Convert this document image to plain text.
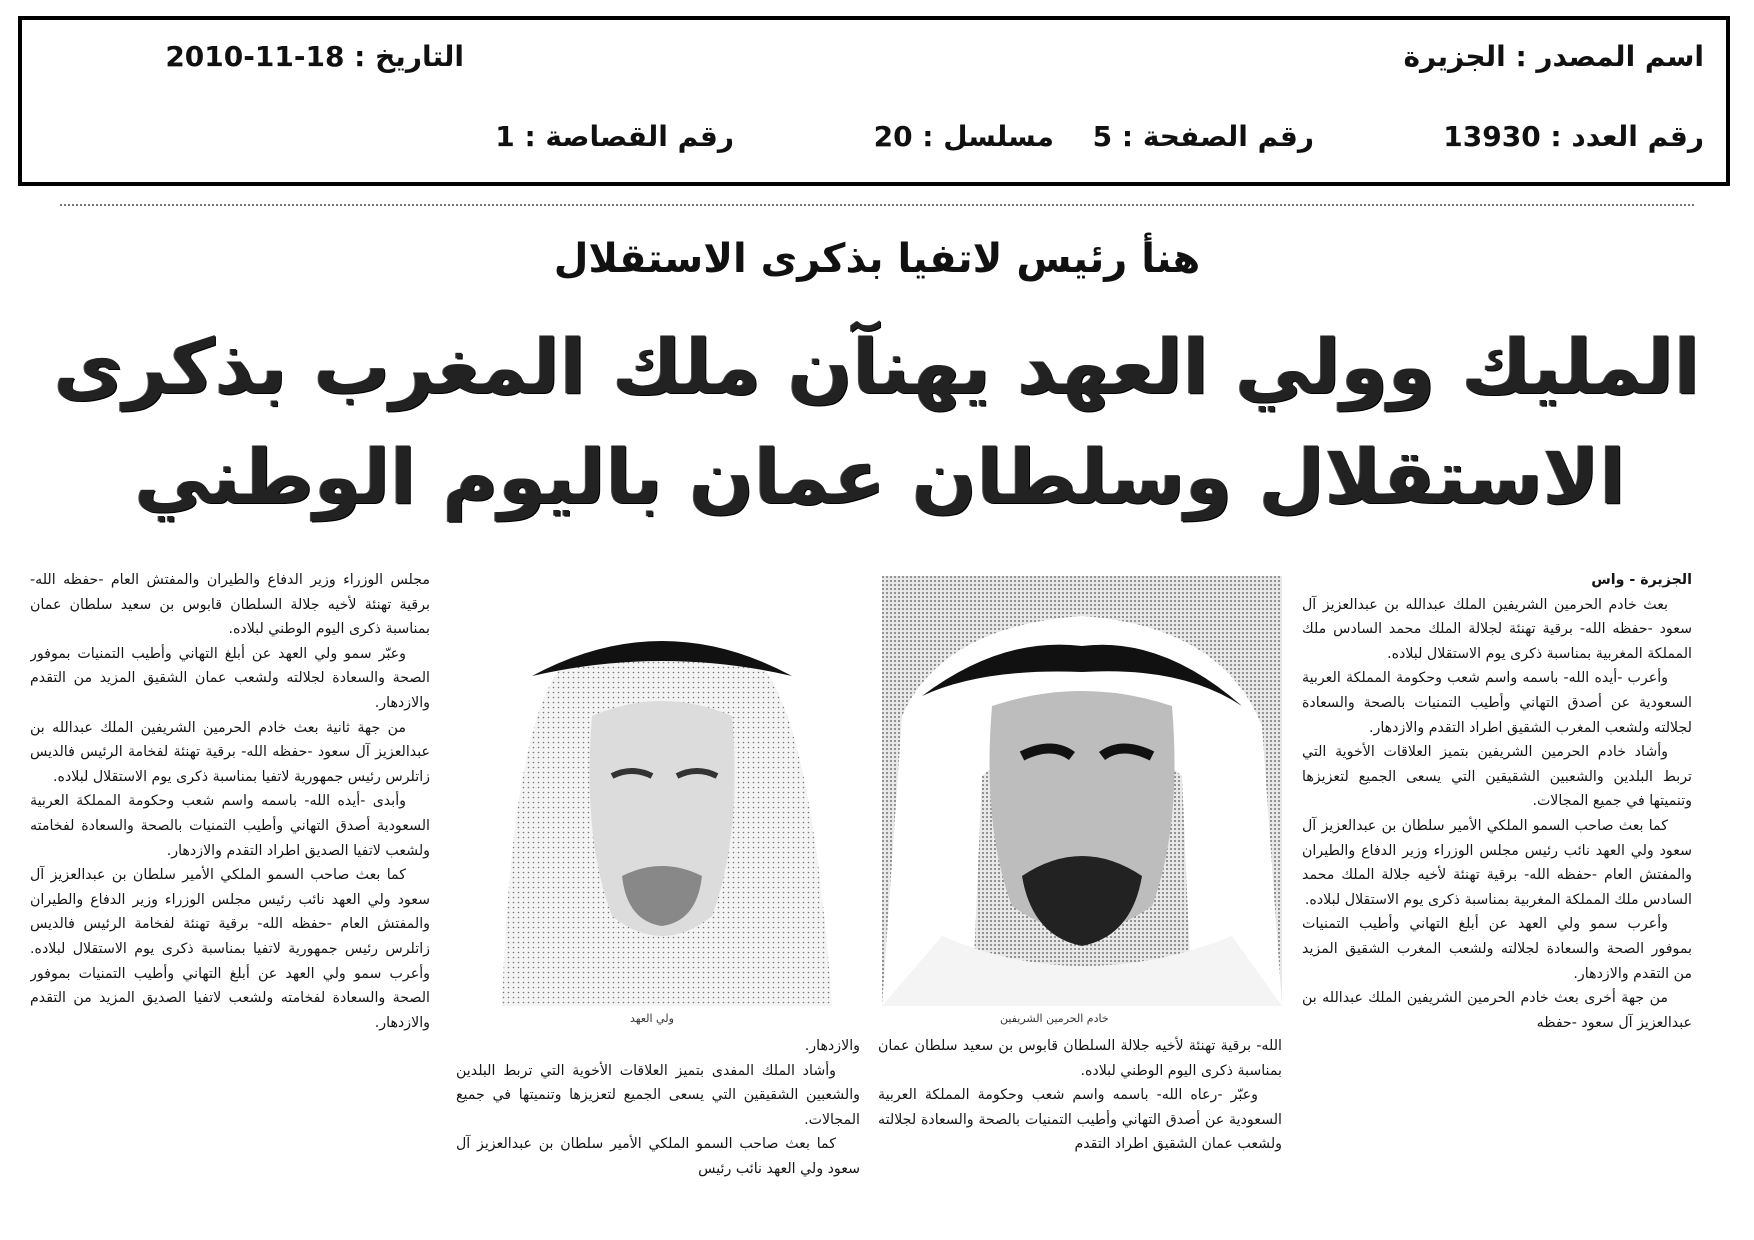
اسم المصدر : الجزيرة
التاريخ : 18-11-2010
رقم العدد : 13930
رقم الصفحة : 5
مسلسل : 20
رقم القصاصة : 1
هنأ رئيس لاتفيا بذكرى الاستقلال
المليك وولي العهد يهنآن ملك المغرب بذكرى
الاستقلال وسلطان عمان باليوم الوطني
الجزيرة - واس

بعث خادم الحرمين الشريفين الملك عبدالله بن عبدالعزيز آل سعود -حفظه الله- برقية تهنئة لجلالة الملك محمد السادس ملك المملكة المغربية بمناسبة ذكرى يوم الاستقلال لبلاده.

وأعرب -أيده الله- باسمه واسم شعب وحكومة المملكة العربية السعودية عن أصدق التهاني وأطيب التمنيات بالصحة والسعادة لجلالته ولشعب المغرب الشقيق اطراد التقدم والازدهار.

وأشاد خادم الحرمين الشريفين بتميز العلاقات الأخوية التي تربط البلدين والشعبين الشقيقين التي يسعى الجميع لتعزيزها وتنميتها في جميع المجالات.

كما بعث صاحب السمو الملكي الأمير سلطان بن عبدالعزيز آل سعود ولي العهد نائب رئيس مجلس الوزراء وزير الدفاع والطيران والمفتش العام -حفظه الله- برقية تهنئة لأخيه جلالة الملك محمد السادس ملك المملكة المغربية بمناسبة ذكرى يوم الاستقلال لبلاده.

وأعرب سمو ولي العهد عن أبلغ التهاني وأطيب التمنيات بموفور الصحة والسعادة لجلالته ولشعب المغرب الشقيق المزيد من التقدم والازدهار.

من جهة أخرى بعث خادم الحرمين الشريفين الملك عبدالله بن عبدالعزيز آل سعود -حفظه

خادم الحرمين الشريفين
ولي العهد

الله- برقية تهنئة لأخيه جلالة السلطان قابوس بن سعيد سلطان عمان بمناسبة ذكرى اليوم الوطني لبلاده.

وعبّر -رعاه الله- باسمه واسم شعب وحكومة المملكة العربية السعودية عن أصدق التهاني وأطيب التمنيات بالصحة والسعادة لجلالته ولشعب عمان الشقيق اطراد التقدم

والازدهار.

وأشاد الملك المفدى بتميز العلاقات الأخوية التي تربط البلدين والشعبين الشقيقين التي يسعى الجميع لتعزيزها وتنميتها في جميع المجالات.

كما بعث صاحب السمو الملكي الأمير سلطان بن عبدالعزيز آل سعود ولي العهد نائب رئيس

مجلس الوزراء وزير الدفاع والطيران والمفتش العام -حفظه الله- برقية تهنئة لأخيه جلالة السلطان قابوس بن سعيد سلطان عمان بمناسبة ذكرى اليوم الوطني لبلاده.

وعبّر سمو ولي العهد عن أبلغ التهاني وأطيب التمنيات بموفور الصحة والسعادة لجلالته ولشعب عمان الشقيق المزيد من التقدم والازدهار.

من جهة ثانية بعث خادم الحرمين الشريفين الملك عبدالله بن عبدالعزيز آل سعود -حفظه الله- برقية تهنئة لفخامة الرئيس فالديس زاتلرس رئيس جمهورية لاتفيا بمناسبة ذكرى يوم الاستقلال لبلاده.

وأبدى -أيده الله- باسمه واسم شعب وحكومة المملكة العربية السعودية أصدق التهاني وأطيب التمنيات بالصحة والسعادة لفخامته ولشعب لاتفيا الصديق اطراد التقدم والازدهار.

كما بعث صاحب السمو الملكي الأمير سلطان بن عبدالعزيز آل سعود ولي العهد نائب رئيس مجلس الوزراء وزير الدفاع والطيران والمفتش العام -حفظه الله- برقية تهنئة لفخامة الرئيس فالديس زاتلرس رئيس جمهورية لاتفيا بمناسبة ذكرى يوم الاستقلال لبلاده. وأعرب سمو ولي العهد عن أبلغ التهاني وأطيب التمنيات بموفور الصحة والسعادة لفخامته ولشعب لاتفيا الصديق المزيد من التقدم والازدهار.
